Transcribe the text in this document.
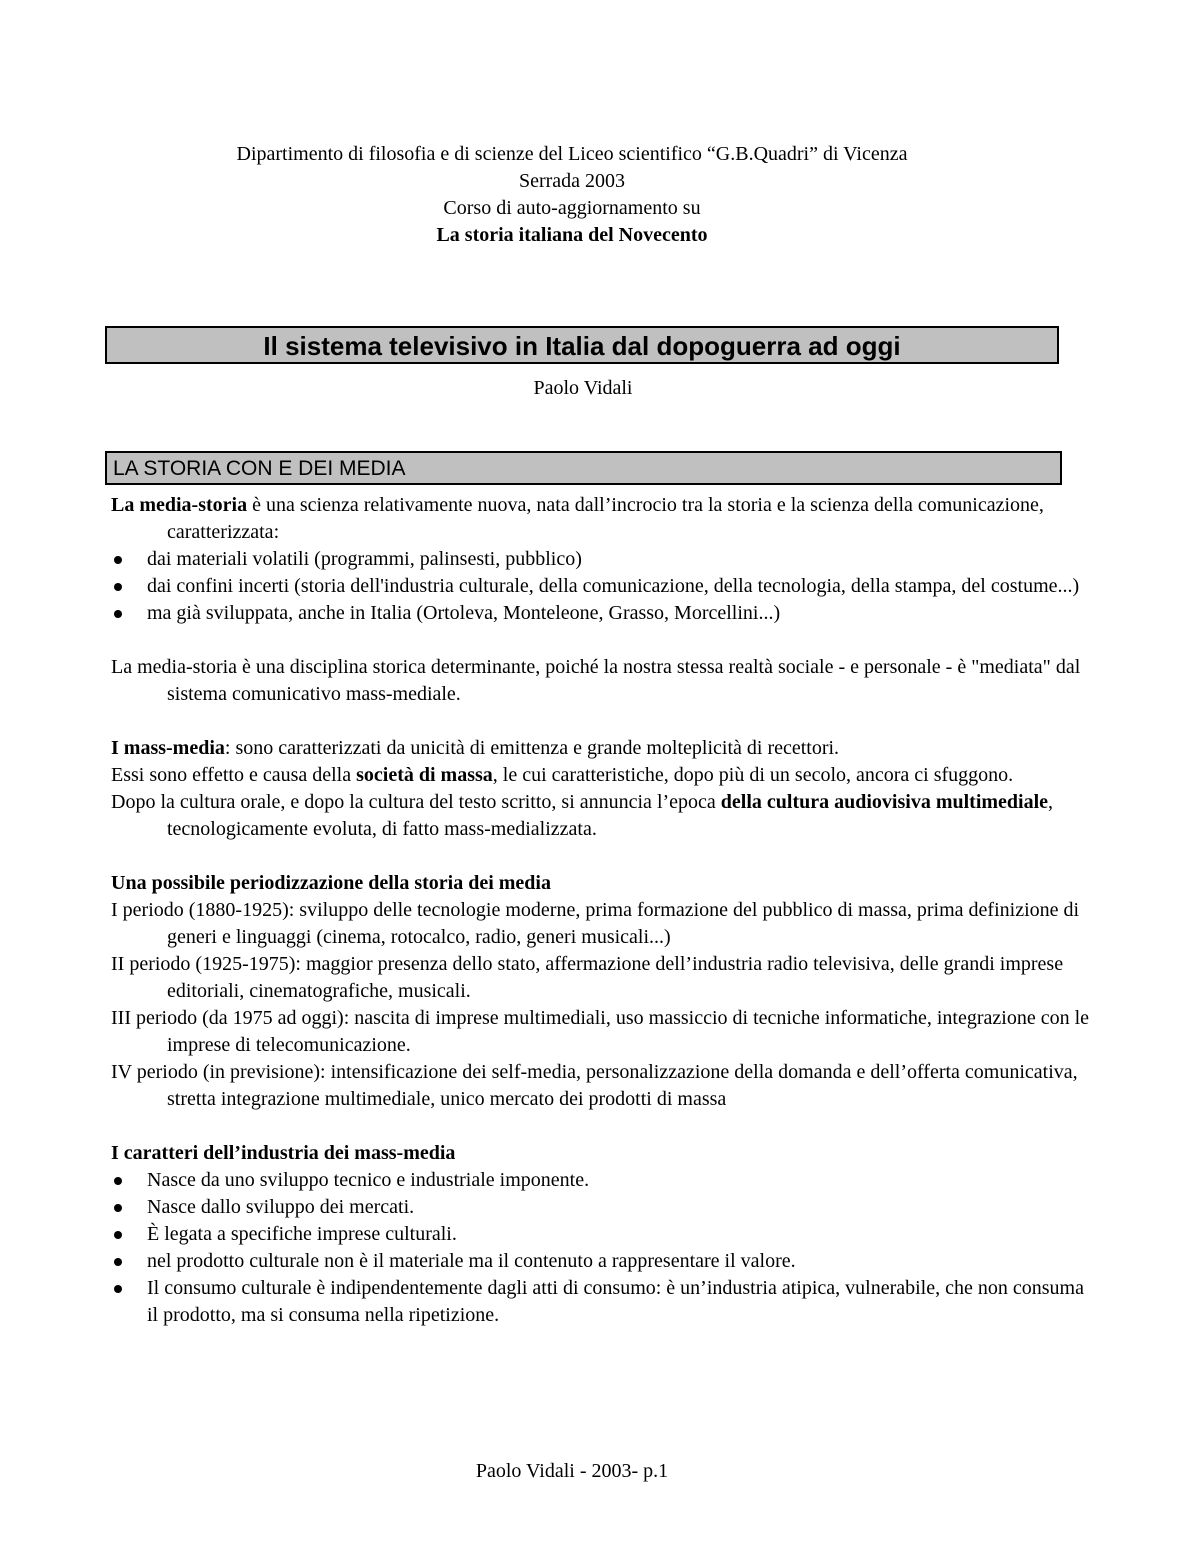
Dipartimento di filosofia e di scienze del Liceo scientifico “G.B.Quadri” di Vicenza
Serrada 2003
Corso di auto-aggiornamento su
La storia italiana del Novecento
Il sistema televisivo in Italia dal dopoguerra ad oggi
Paolo Vidali
LA STORIA CON E DEI MEDIA

La media-storia è una scienza relativamente nuova, nata dall’incrocio tra la storia e la scienza della comunicazione, caratterizzata:

dai materiali volatili (programmi, palinsesti, pubblico)
dai confini incerti (storia dell'industria culturale, della comunicazione, della tecnologia, della stampa, del costume...)
ma già sviluppata, anche in Italia (Ortoleva, Monteleone, Grasso, Morcellini...)

La media-storia è una disciplina storica determinante, poiché la nostra stessa realtà sociale - e personale - è "mediata" dal sistema comunicativo mass-mediale.

I mass-media: sono caratterizzati da unicità di emittenza e grande molteplicità di recettori.

Essi sono effetto e causa della società di massa, le cui caratteristiche, dopo più di un secolo, ancora ci sfuggono.

Dopo la cultura orale, e dopo la cultura del testo scritto, si annuncia l’epoca della cultura audiovisiva multimediale, tecnologicamente evoluta, di fatto mass-medializzata.

Una possibile periodizzazione della storia dei media

I periodo (1880-1925): sviluppo delle tecnologie moderne, prima formazione del pubblico di massa, prima definizione di generi e linguaggi (cinema, rotocalco, radio, generi musicali...)

II periodo (1925-1975): maggior presenza dello stato, affermazione dell’industria radio televisiva, delle grandi imprese editoriali, cinematografiche, musicali.

III periodo (da 1975 ad oggi): nascita di imprese multimediali, uso massiccio di tecniche informatiche, integrazione con le imprese di telecomunicazione.

IV periodo (in previsione): intensificazione dei self-media, personalizzazione della domanda e dell’offerta comunicativa, stretta integrazione multimediale, unico mercato dei prodotti di massa

I caratteri dell’industria dei mass-media

Nasce da uno sviluppo tecnico e industriale imponente.
Nasce dallo sviluppo dei mercati.
È legata a specifiche imprese culturali.
nel prodotto culturale non è il materiale ma il contenuto a rappresentare il valore.
Il consumo culturale è indipendentemente dagli atti di consumo: è un’industria atipica, vulnerabile, che non consuma il prodotto, ma si consuma nella ripetizione.
Paolo Vidali - 2003- p.1
